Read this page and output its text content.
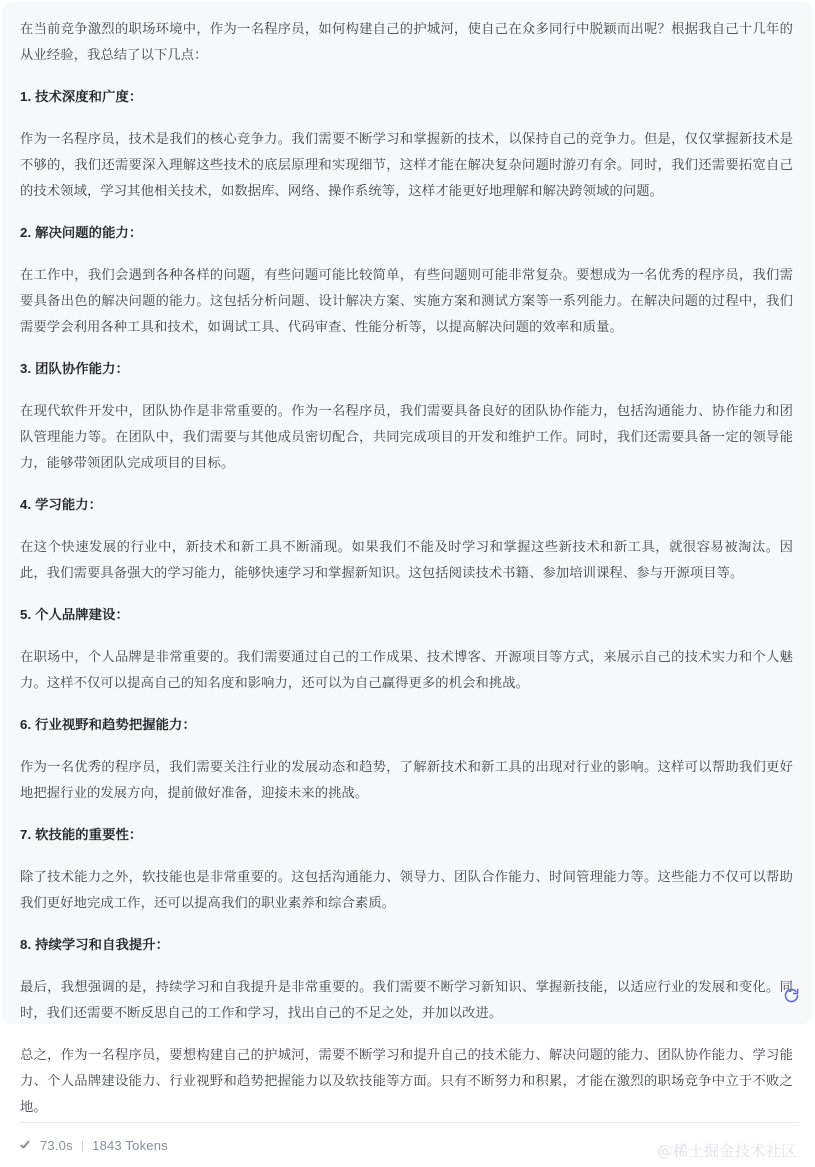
在当前竞争激烈的职场环境中，作为一名程序员，如何构建自己的护城河，使自己在众多同行中脱颖而出呢？根据我自己十几年的从业经验，我总结了以下几点：

1. 技术深度和广度：

作为一名程序员，技术是我们的核心竞争力。我们需要不断学习和掌握新的技术，以保持自己的竞争力。但是，仅仅掌握新技术是不够的，我们还需要深入理解这些技术的底层原理和实现细节，这样才能在解决复杂问题时游刃有余。同时，我们还需要拓宽自己的技术领域，学习其他相关技术，如数据库、网络、操作系统等，这样才能更好地理解和解决跨领域的问题。

2. 解决问题的能力：

在工作中，我们会遇到各种各样的问题，有些问题可能比较简单，有些问题则可能非常复杂。要想成为一名优秀的程序员，我们需要具备出色的解决问题的能力。这包括分析问题、设计解决方案、实施方案和测试方案等一系列能力。在解决问题的过程中，我们需要学会利用各种工具和技术，如调试工具、代码审查、性能分析等，以提高解决问题的效率和质量。

3. 团队协作能力：

在现代软件开发中，团队协作是非常重要的。作为一名程序员，我们需要具备良好的团队协作能力，包括沟通能力、协作能力和团队管理能力等。在团队中，我们需要与其他成员密切配合，共同完成项目的开发和维护工作。同时，我们还需要具备一定的领导能力，能够带领团队完成项目的目标。

4. 学习能力：

在这个快速发展的行业中，新技术和新工具不断涌现。如果我们不能及时学习和掌握这些新技术和新工具，就很容易被淘汰。因此，我们需要具备强大的学习能力，能够快速学习和掌握新知识。这包括阅读技术书籍、参加培训课程、参与开源项目等。

5. 个人品牌建设：

在职场中，个人品牌是非常重要的。我们需要通过自己的工作成果、技术博客、开源项目等方式，来展示自己的技术实力和个人魅力。这样不仅可以提高自己的知名度和影响力，还可以为自己赢得更多的机会和挑战。

6. 行业视野和趋势把握能力：

作为一名优秀的程序员，我们需要关注行业的发展动态和趋势，了解新技术和新工具的出现对行业的影响。这样可以帮助我们更好地把握行业的发展方向，提前做好准备，迎接未来的挑战。

7. 软技能的重要性：

除了技术能力之外，软技能也是非常重要的。这包括沟通能力、领导力、团队合作能力、时间管理能力等。这些能力不仅可以帮助我们更好地完成工作，还可以提高我们的职业素养和综合素质。

8. 持续学习和自我提升：

最后，我想强调的是，持续学习和自我提升是非常重要的。我们需要不断学习新知识、掌握新技能，以适应行业的发展和变化。同时，我们还需要不断反思自己的工作和学习，找出自己的不足之处，并加以改进。

总之，作为一名程序员，要想构建自己的护城河，需要不断学习和提升自己的技术能力、解决问题的能力、团队协作能力、学习能力、个人品牌建设能力、行业视野和趋势把握能力以及软技能等方面。只有不断努力和积累，才能在激烈的职场竞争中立于不败之地。

73.0s | 1843 Tokens	@稀土掘金技术社区
